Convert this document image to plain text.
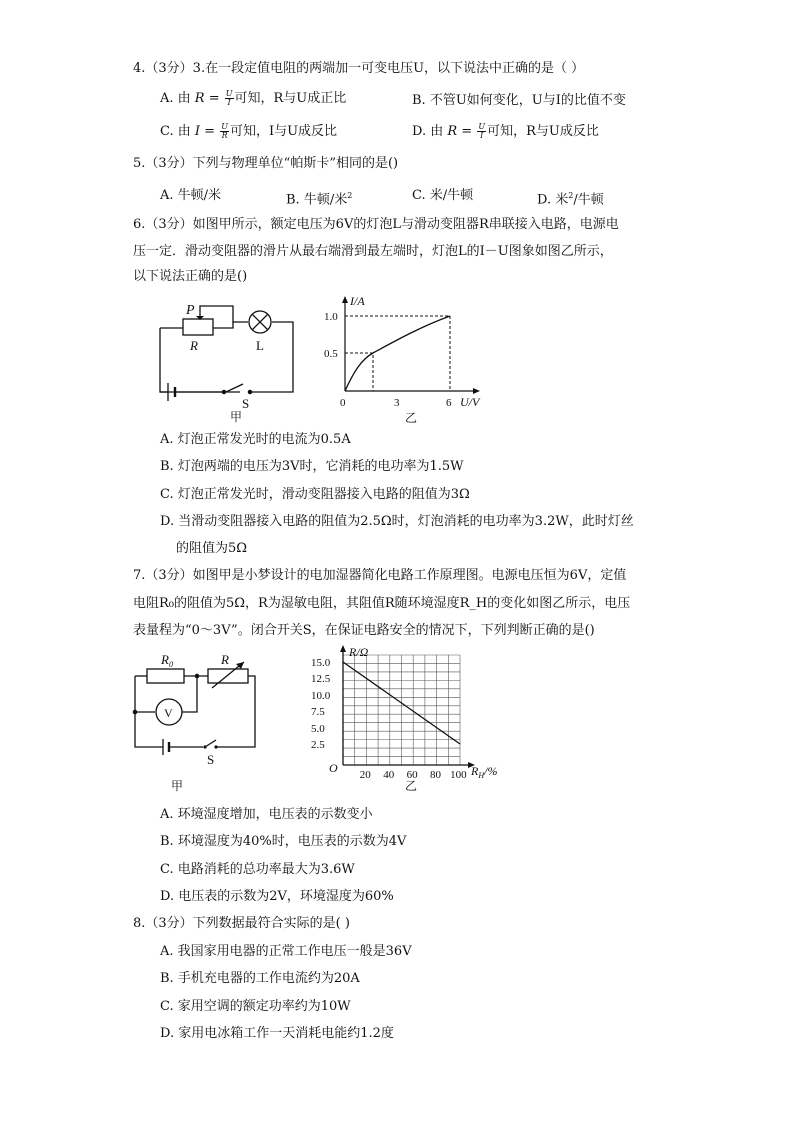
4.（3分）3.在一段定值电阻的两端加一可变电压U，以下说法中正确的是（ ）
A. 由 $R = \frac{U}{I}$ 可知，R与U成正比	B. 不管U如何变化，U与I的比值不变
C. 由 $I = \frac{U}{R}$ 可知，I与U成反比	D. 由 $R = \frac{U}{I}$ 可知，R与U成反比
5.（3分）下列与物理单位“帕斯卡”相同的是()
A. 牛顿/米	B. 牛顿/米$^2$	C. 米/牛顿	D. 米$^2$/牛顿
6.（3分）如图甲所示，额定电压为6V的灯泡L与滑动变阻器R串联接入电路，电源电
压一定．滑动变阻器的滑片从最右端滑到最左端时，灯泡L的I－U图象如图乙所示，
以下说法正确的是()
P
R	L
S
甲
I/A
1.0
0.5
0	3	6 U/V
乙
A. 灯泡正常发光时的电流为0.5A
B. 灯泡两端的电压为3V时，它消耗的电功率为1.5W
C. 灯泡正常发光时，滑动变阻器接入电路的阻值为3Ω
D. 当滑动变阻器接入电路的阻值为2.5Ω时，灯泡消耗的电功率为3.2W，此时灯丝
的阻值为5Ω
7.（3分）如图甲是小梦设计的电加湿器简化电路工作原理图。电源电压恒为6V，定值
电阻R₀的阻值为5Ω，R为湿敏电阻，其阻值R随环境湿度R_H的变化如图乙所示，电压
表量程为“0～3V”。闭合开关S，在保证电路安全的情况下，下列判断正确的是()
$R_0$	R
V
S
甲
R/Ω
15.0
12.5
10.0
7.5
5.0
2.5
20 40 60 80 100
O	$R_H/\%$
乙
A. 环境湿度增加，电压表的示数变小
B. 环境湿度为40%时，电压表的示数为4V
C. 电路消耗的总功率最大为3.6W
D. 电压表的示数为2V，环境湿度为60%
8.（3分）下列数据最符合实际的是( )
A. 我国家用电器的正常工作电压一般是36V
B. 手机充电器的工作电流约为20A
C. 家用空调的额定功率约为10W
D. 家用电冰箱工作一天消耗电能约1.2度
